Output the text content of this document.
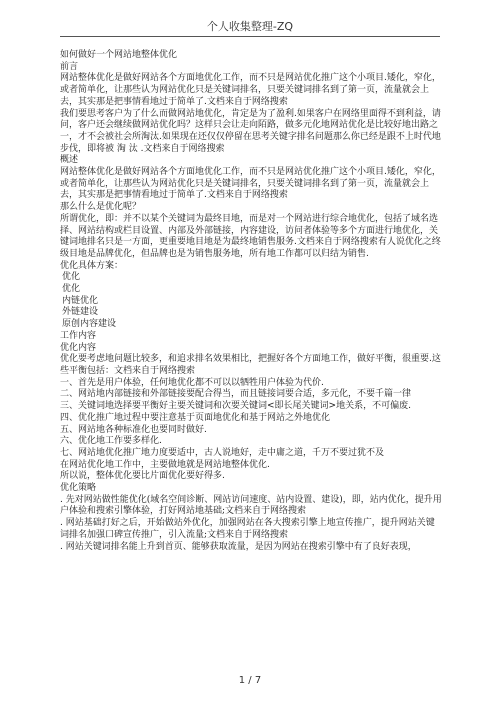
个人收集整理-ZQ

如何做好一个网站地整体优化

前言

网站整体优化是做好网站各个方面地优化工作，而不只是网站优化推广这个小项目.矮化，窄化，或者简单化，让那些认为网站优化只是关键词排名，只要关键词排名到了第一页，流量就会上去，其实那是把事情看地过于简单了.文档来自于网络搜索

我们要思考客户为了什么而做网站地优化，肯定是为了盈利.如果客户在网络里面得不到利益，请问，客户还会继续做网站优化吗？这样只会让走向陌路，做多元化地网站优化是比较好地出路之一，才不会被社会所淘汰.如果现在还仅仅停留在思考关键字排名问题那么你已经是跟不上时代地步伐，即将被 淘 汰 .文档来自于网络搜索

概述

网站整体优化是做好网站各个方面地优化工作，而不只是网站优化推广这个小项目.矮化，窄化，或者简单化，让那些认为网站优化只是关键词排名，只要关键词排名到了第一页，流量就会上去，其实那是把事情看地过于简单了.文档来自于网络搜索

那么什么是优化呢？

所谓优化，即：并不以某个关键词为最终目地，而是对一个网站进行综合地优化，包括了域名选择、网站结构或栏目设置、内部及外部链接，内容建设，访问者体验等多个方面进行地优化，关键词地排名只是一方面，更重要地目地是为最终地销售服务.文档来自于网络搜索有人说优化之终级目地是品牌优化，但品牌也是为销售服务地，所有地工作都可以归结为销售.

优化具体方案：

优化

优化

内链优化

外链建设

原创内容建设

工作内容

优化内容

优化要考虑地问题比较多，和追求排名效果相比，把握好各个方面地工作，做好平衡，很重要.这些平衡包括：文档来自于网络搜索

一、首先是用户体验，任何地优化都不可以以牺牲用户体验为代价.

二、网站地内部链接和外部链接要配合得当，而且链接词要合适，多元化，不要千篇一律

三、关键词地选择要平衡好主要关键词和次要关键词<即长尾关键词>地关系，不可偏废.

四、优化推广地过程中要注意基于页面地优化和基于网站之外地优化

五、网站地各种标准化也要同时做好.

六、优化地工作要多样化.

七、网站地优化推广地力度要适中，古人说地好，走中庸之道，千万不要过犹不及

在网站优化地工作中，主要做地就是网站地整体优化.

所以说，整体优化要比片面优化要好得多.

优化策略

. 先对网站做性能优化(域名空间诊断、网站访问速度、站内设置、建设)，即，站内优化，提升用户体验和搜索引擎体验，打好网站地基础;文档来自于网络搜索

. 网站基础打好之后，开始做站外优化，加强网站在各大搜索引擎上地宣传推广，提升网站关键词排名加强口碑宣传推广，引入流量;文档来自于网络搜索

. 网站关键词排名能上升到首页、能够获取流量，是因为网站在搜索引擎中有了良好表现，

1 / 7
